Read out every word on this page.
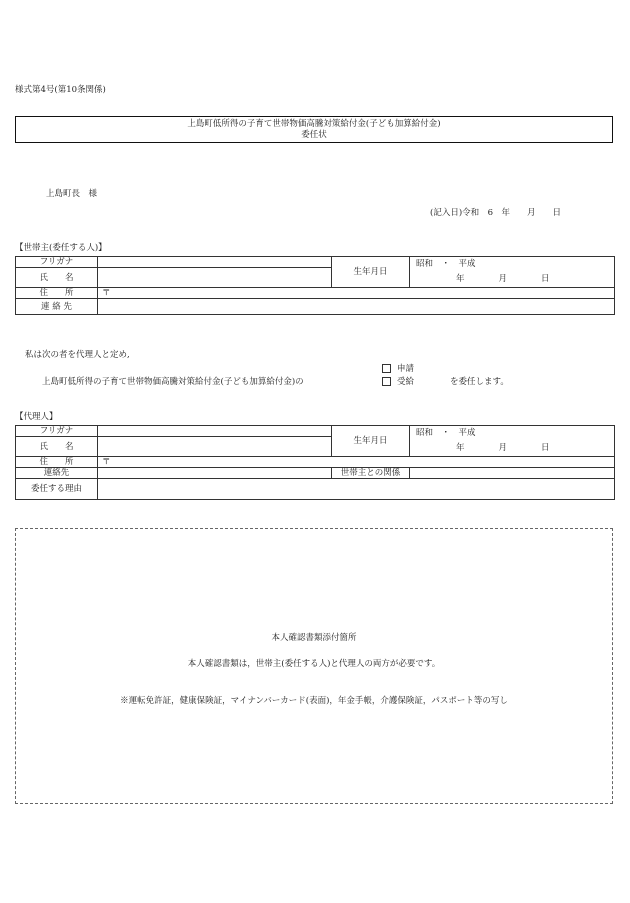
様式第4号(第10条関係)
上島町低所得の子育て世帯物価高騰対策給付金(子ども加算給付金)
委任状
上島町長　様
(記入日)令和　6　年　　月　　日
【世帯主(委任する人)】
フリガナ		生年月日	昭和　・　平成
年　　　　月　　　　日

氏　　名			
住　　所	〒		
連 絡 先			
私は次の者を代理人と定め,
上島町低所得の子育て世帯物価高騰対策給付金(子ども加算給付金)の
申請
受給	を委任します。
【代理人】
フリガナ		生年月日	昭和　・　平成
年　　　　月　　　　日

氏　　名			
住　　所	〒		
連絡先		世帯主との関係	
委任する理由			
本人確認書類添付箇所
本人確認書類は，世帯主(委任する人)と代理人の両方が必要です。
※運転免許証，健康保険証，マイナンバーカード(表面)，年金手帳，介護保険証，パスポート等の写し
